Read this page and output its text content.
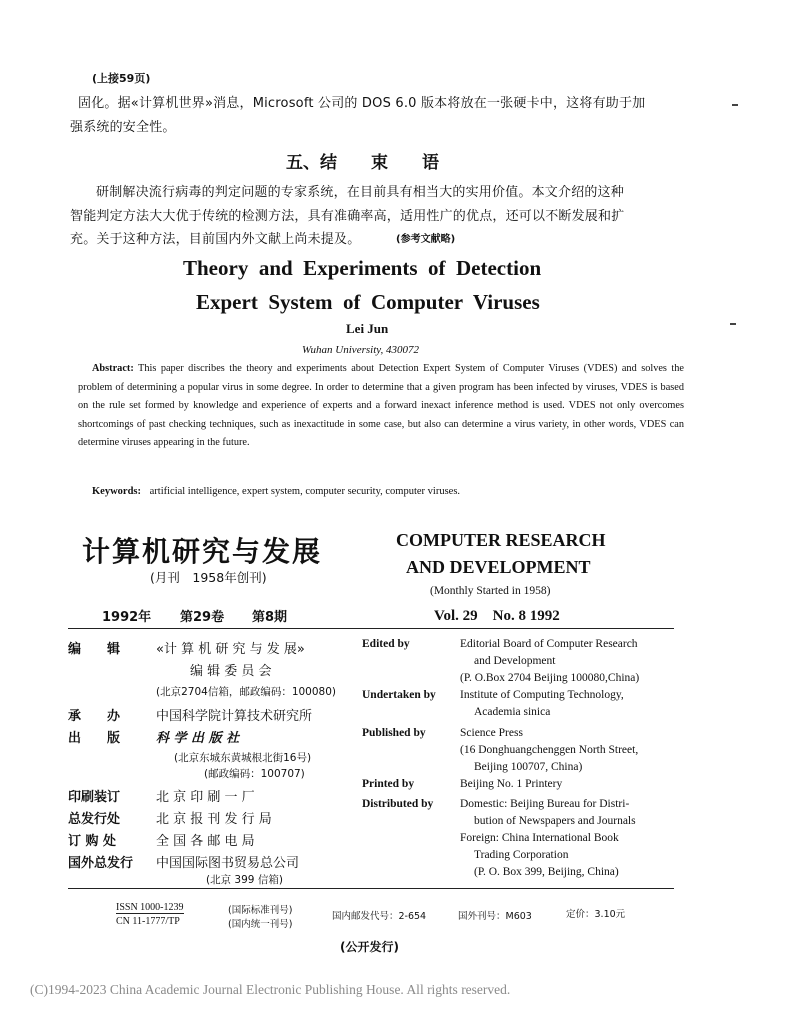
(上接59页)
固化。据«计算机世界»消息，Microsoft 公司的 DOS 6.0 版本将放在一张硬卡中，这将有助于加
强系统的安全性。
五、结　　束　　语
研制解决流行病毒的判定问题的专家系统，在目前具有相当大的实用价值。本文介绍的这种
智能判定方法大大优于传统的检测方法，具有准确率高，适用性广的优点，还可以不断发展和扩
充。关于这种方法，目前国内外文献上尚未提及。	(参考文献略)
Theory  and  Experiments  of  Detection
Expert  System  of  Computer  Viruses
Lei Jun
Wuhan University, 430072
Abstract: This paper discribes the theory and experiments about Detection Expert System of Computer Viruses (VDES) and solves the problem of determining a popular virus in some degree. In order to determine that a given program has been infected by viruses, VDES is based on the rule set formed by knowledge and experience of experts and a forward inexact inference method is used. VDES not only overcomes shortcomings of past checking techniques, such as inexactitude in some case, but also can determine a virus variety, in other words, VDES can determine viruses appearing in the future.
Keywords: artificial intelligence, expert system, computer security, computer viruses.
计算机研究与发展
(月刊　1958年创刊)
COMPUTER RESEARCH
AND DEVELOPMENT
(Monthly Started in 1958)
1992年 第29卷 第8期	Vol. 29　No. 8 1992
编　　辑	«计 算 机 研 究 与 发 展»
编 辑 委 员 会
(北京2704信箱，邮政编码：100080)
承　　办	中国科学院计算技术研究所
出　　版	科 学 出 版 社
(北京东城东黄城根北街16号)
(邮政编码：100707)
印刷装订	北 京 印 刷 一 厂
总发行处	北 京 报 刊 发 行 局
订 购 处	全 国 各 邮 电 局
国外总发行 中国国际图书贸易总公司
(北京 399 信箱)
Edited by	Editorial Board of Computer Research
and Development
(P. O.Box 2704 Beijing 100080,China)
Undertaken by Institute of Computing Technology,
Academia sinica
Published by	Science Press
(16 Donghuangchenggen North Street,
Beijing 100707, China)
Printed by	Beijing No. 1 Printery
Distributed by Domestic: Beijing Bureau for Distri-
bution of Newspapers and Journals
Foreign: China International Book
Trading Corporation
(P. O. Box 399, Beijing, China)
ISSN 1000-1239
CN 11-1777/TP
(国际标准刊号)
(国内统一刊号)
国内邮发代号：2-654	国外刊号：M603	定价：3.10元
(公开发行)
(C)1994-2023 China Academic Journal Electronic Publishing House. All rights reserved.
